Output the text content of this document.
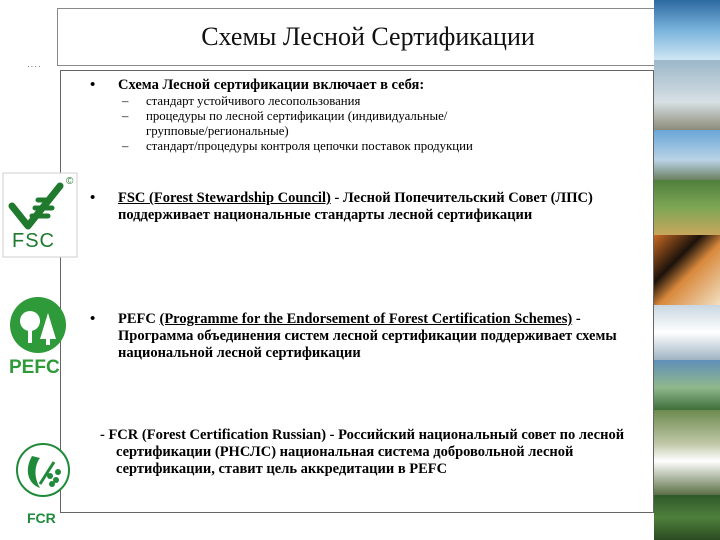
Схемы Лесной Сертификации
····
• Схема Лесной сертификации включает в себя:
– стандарт устойчивого лесопользования
– процедуры по лесной сертификации (индивидуальные/групповые/региональные)
– стандарт/процедуры контроля цепочки поставок продукции
• FSC (Forest Stewardship Council) - Лесной Попечительский Совет (ЛПС) поддерживает национальные стандарты лесной сертификации
• PEFC (Programme for the Endorsement of Forest Certification Schemes) - Программа объединения систем лесной сертификации поддерживает схемы национальной лесной сертификации
- FCR (Forest Certification Russian) - Российский национальный совет по лесной сертификации (РНСЛС) национальная система добровольной лесной сертификации, ставит цель аккредитации в PEFC
FSC
©
PEFC
FCR
